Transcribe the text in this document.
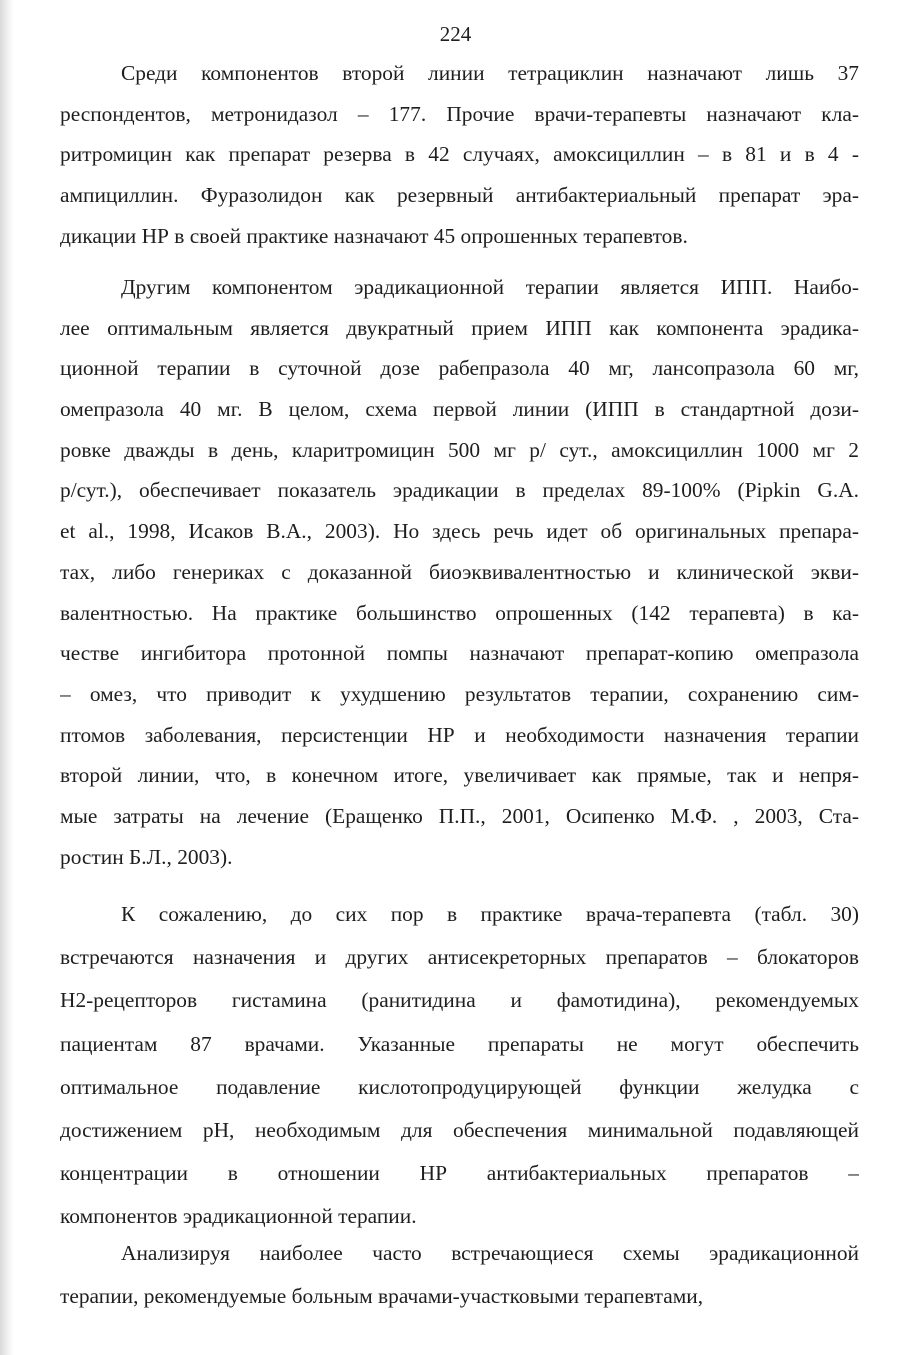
224
Среди компонентов второй линии тетрациклин назначают лишь 37
респондентов, метронидазол – 177. Прочие врачи-терапевты назначают кла-
ритромицин как препарат резерва в 42 случаях, амоксициллин – в 81 и в 4 -
ампициллин. Фуразолидон как резервный антибактериальный препарат эра-
дикации НР в своей практике назначают 45 опрошенных терапевтов.
Другим компонентом эрадикационной терапии является ИПП. Наибо-
лее оптимальным является двукратный прием ИПП как компонента эрадика-
ционной терапии в суточной дозе рабепразола 40 мг, лансопразола 60 мг,
омепразола 40 мг. В целом, схема первой линии (ИПП в стандартной дози-
ровке дважды в день, кларитромицин 500 мг р/ сут., амоксициллин 1000 мг 2
р/сут.), обеспечивает показатель эрадикации в пределах 89-100% (Pipkin G.A.
et al., 1998, Исаков В.А., 2003). Но здесь речь идет об оригинальных препара-
тах, либо генериках с доказанной биоэквивалентностью и клинической экви-
валентностью. На практике большинство опрошенных (142 терапевта) в ка-
честве ингибитора протонной помпы назначают препарат-копию омепразола
– омез, что приводит к ухудшению результатов терапии, сохранению сим-
птомов заболевания, персистенции НР и необходимости назначения терапии
второй линии, что, в конечном итоге, увеличивает как прямые, так и непря-
мые затраты на лечение (Еращенко П.П., 2001, Осипенко М.Ф. , 2003, Ста-
ростин Б.Л., 2003).
К сожалению, до сих пор в практике врача-терапевта (табл. 30)
встречаются назначения и других антисекреторных препаратов – блокаторов
Н2-рецепторов гистамина (ранитидина и фамотидина), рекомендуемых
пациентам 87 врачами. Указанные препараты не могут обеспечить
оптимальное подавление кислотопродуцирующей функции желудка с
достижением рН, необходимым для обеспечения минимальной подавляющей
концентрации в отношении НР антибактериальных препаратов –
компонентов эрадикационной терапии.
Анализируя наиболее часто встречающиеся схемы эрадикационной
терапии, рекомендуемые больным врачами-участковыми терапевтами,
